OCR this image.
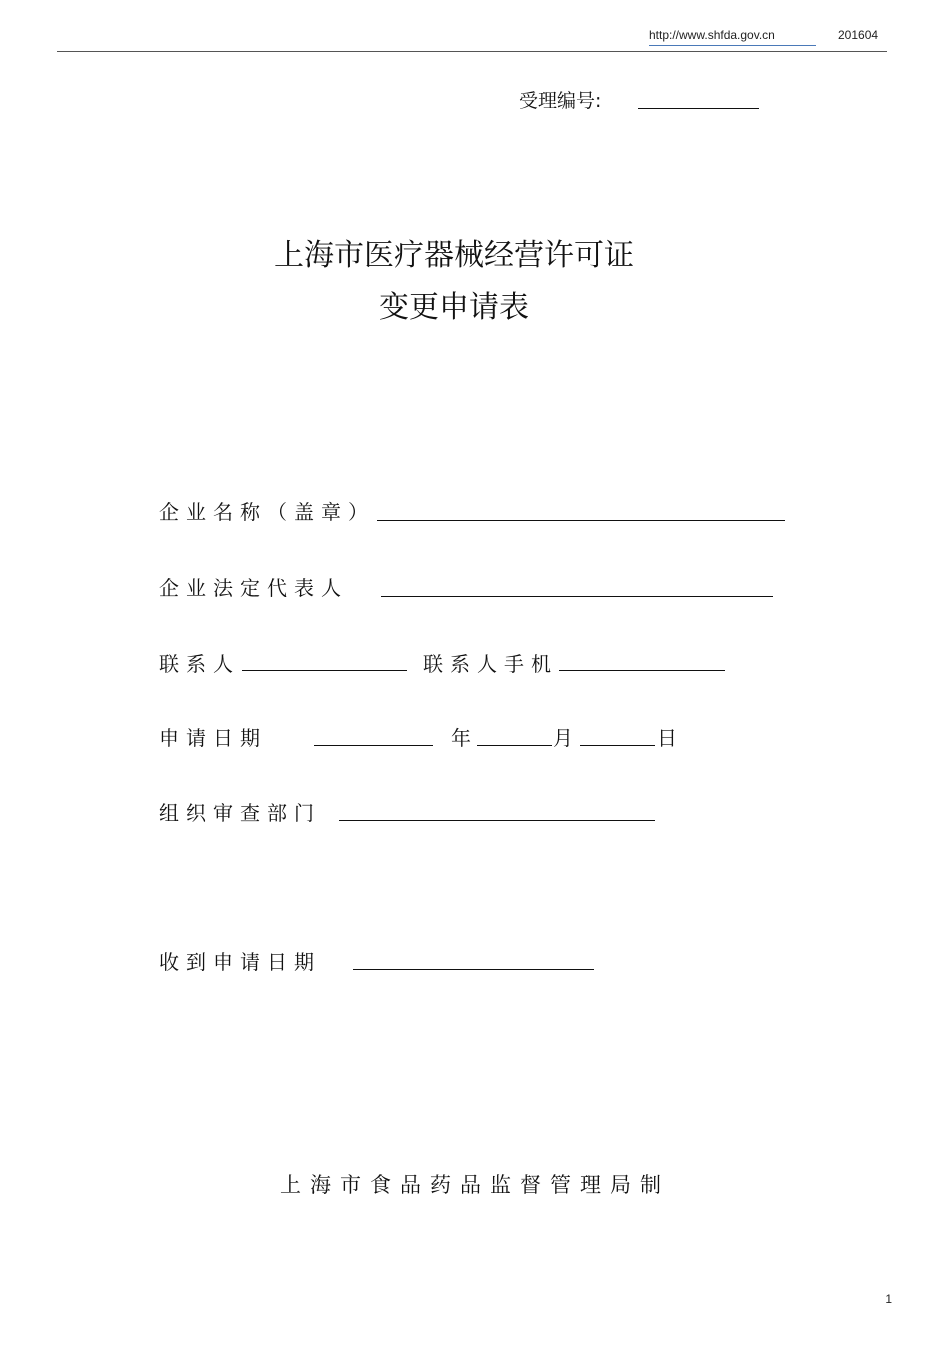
http://www.shfda.gov.cn	201604
受理编号:
上海市医疗器械经营许可证
变更申请表
企业名称（盖章）
企业法定代表人
联系人	联系人手机
申请日期	年	月	日
组织审查部门
收到申请日期
上海市食品药品监督管理局制
1
